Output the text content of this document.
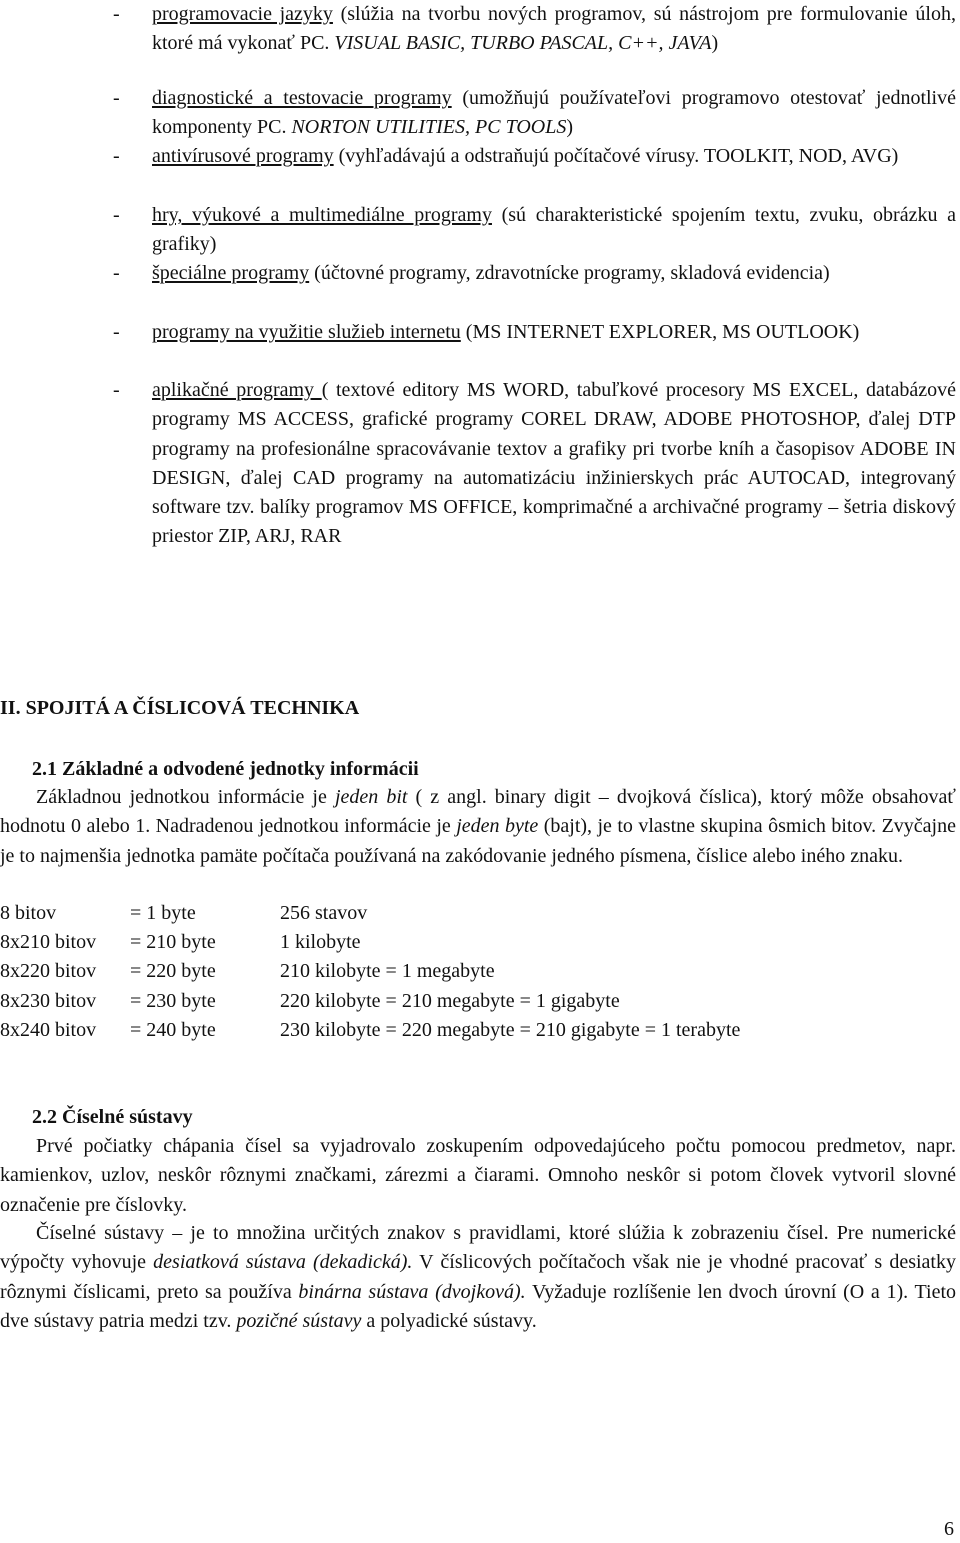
- programovacie jazyky (slúžia na tvorbu nových programov, sú nástrojom pre formulovanie úloh, ktoré má vykonať PC. VISUAL BASIC, TURBO PASCAL, C++, JAVA)

- diagnostické a testovacie programy (umožňujú používateľovi programovo otestovať jednotlivé komponenty PC. NORTON UTILITIES, PC TOOLS)

- antivírusové programy (vyhľadávajú a odstraňujú počítačové vírusy. TOOLKIT, NOD, AVG)

- hry, výukové a multimediálne programy (sú charakteristické spojením textu, zvuku, obrázku a grafiky)

- špeciálne programy (účtovné programy, zdravotnícke programy, skladová evidencia)

- programy na využitie služieb internetu (MS INTERNET EXPLORER, MS OUTLOOK)

- aplikačné programy ( textové editory MS WORD, tabuľkové procesory MS EXCEL, databázové programy MS ACCESS, grafické programy COREL DRAW, ADOBE PHOTOSHOP, ďalej DTP programy na profesionálne spracovávanie textov a grafiky pri tvorbe kníh a časopisov ADOBE IN DESIGN, ďalej CAD programy na automatizáciu inžinierskych prác AUTOCAD, integrovaný software tzv. balíky programov MS OFFICE, komprimačné a archivačné programy – šetria diskový priestor ZIP, ARJ, RAR

II. SPOJITÁ A ČÍSLICOVÁ TECHNIKA
2.1 Základné a odvodené jednotky informácii

Základnou jednotkou informácie je jeden bit ( z angl. binary digit – dvojková číslica), ktorý môže obsahovať hodnotu 0 alebo 1. Nadradenou jednotkou informácie je jeden byte (bajt), je to vlastne skupina ôsmich bitov. Zvyčajne je to najmenšia jednotka pamäte počítača používaná na zakódovanie jedného písmena, číslice alebo iného znaku.

8 bitov	= 1 byte	256 stavov
8x210 bitov	= 210 byte	1 kilobyte
8x220 bitov	= 220 byte	210 kilobyte = 1 megabyte
8x230 bitov	= 230 byte	220 kilobyte = 210 megabyte = 1 gigabyte
8x240 bitov	= 240 byte	230 kilobyte = 220 megabyte = 210 gigabyte = 1 terabyte
2.2 Číselné sústavy

Prvé počiatky chápania čísel sa vyjadrovalo zoskupením odpovedajúceho počtu pomocou predmetov, napr. kamienkov, uzlov, neskôr rôznymi značkami, zárezmi a čiarami. Omnoho neskôr si potom človek vytvoril slovné označenie pre číslovky.

Číselné sústavy – je to množina určitých znakov s pravidlami, ktoré slúžia k zobrazeniu čísel. Pre numerické výpočty vyhovuje desiatková sústava (dekadická). V číslicových počítačoch však nie je vhodné pracovať s desiatky rôznymi číslicami, preto sa používa binárna sústava (dvojková). Vyžaduje rozlíšenie len dvoch úrovní (O a 1). Tieto dve sústavy patria medzi tzv. pozičné sústavy a polyadické sústavy.

6
